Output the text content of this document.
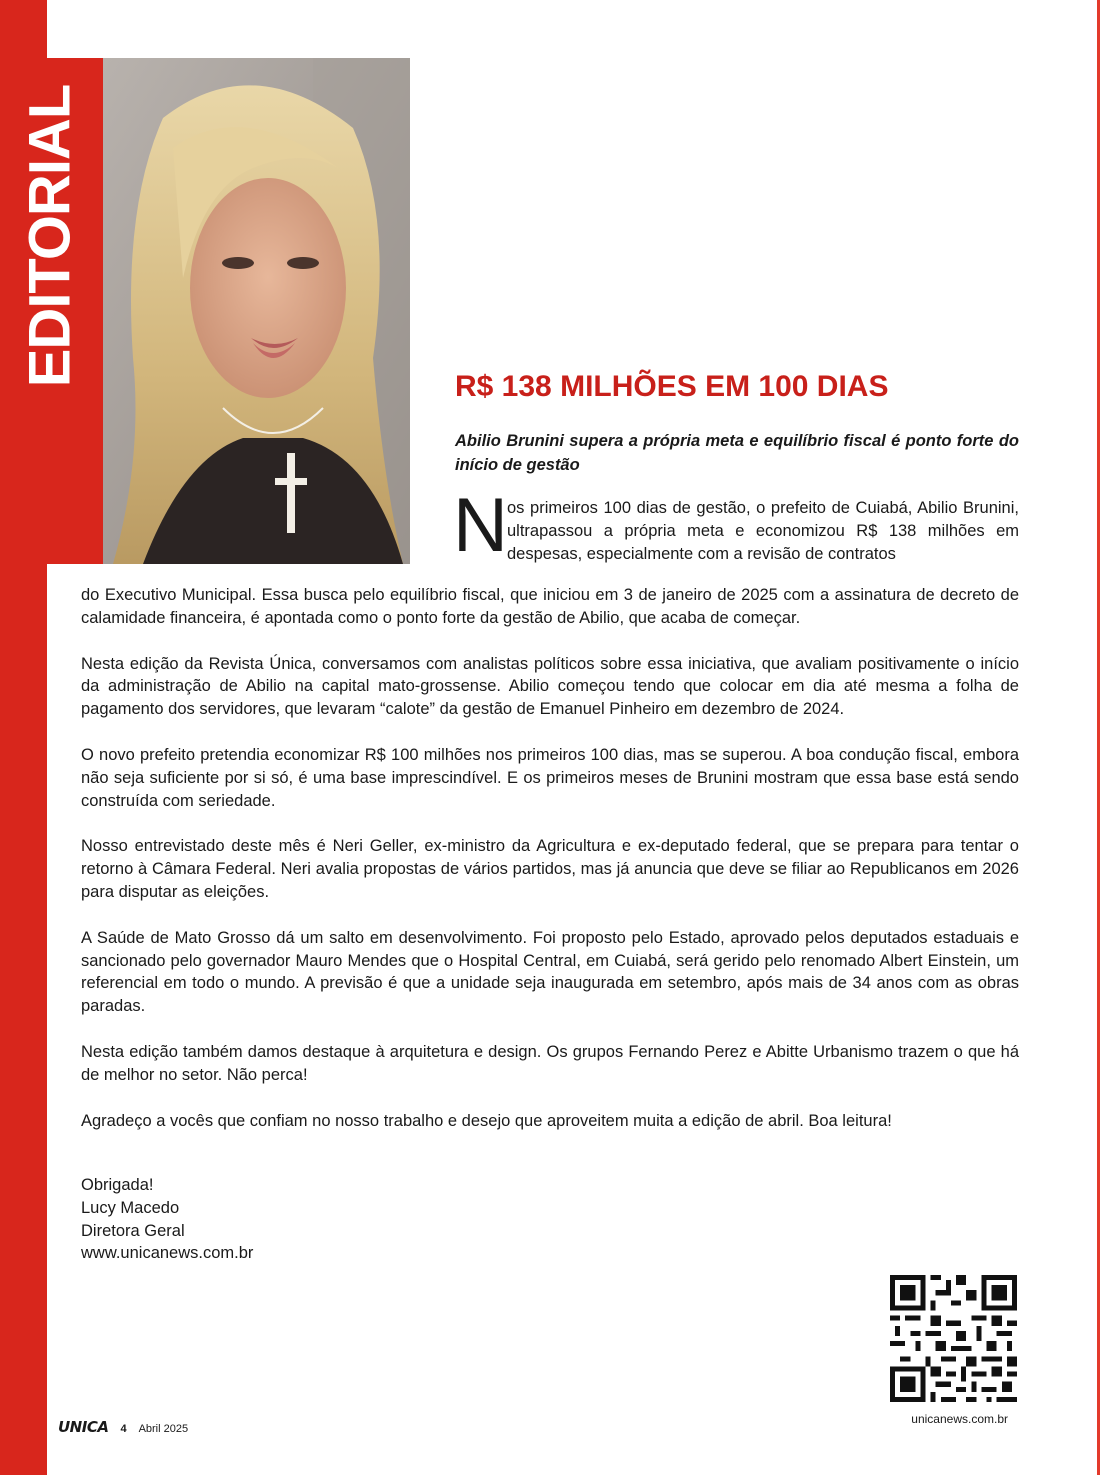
EDITORIAL	R$ 138 MILHÕES EM 100 DIAS

Abilio Brunini supera a própria meta e equilíbrio fiscal é ponto forte do início de gestão

N os primeiros 100 dias de gestão, o prefeito de Cuiabá, Abilio Brunini, ultrapassou a própria meta e economizou R$ 138 milhões em despesas, especialmente com a revisão de contratos

do Executivo Municipal. Essa busca pelo equilíbrio fiscal, que iniciou em 3 de janeiro de 2025 com a assinatura de decreto de calamidade financeira, é apontada como o ponto forte da gestão de Abilio, que acaba de começar.

Nesta edição da Revista Única, conversamos com analistas políticos sobre essa iniciativa, que avaliam positivamente o início da administração de Abilio na capital mato-grossense. Abilio começou tendo que colocar em dia até mesma a folha de pagamento dos servidores, que levaram “calote” da gestão de Emanuel Pinheiro em dezembro de 2024.

O novo prefeito pretendia economizar R$ 100 milhões nos primeiros 100 dias, mas se superou. A boa condução fiscal, embora não seja suficiente por si só, é uma base imprescindível. E os primeiros meses de Brunini mostram que essa base está sendo construída com seriedade.

Nosso entrevistado deste mês é Neri Geller, ex-ministro da Agricultura e ex-deputado federal, que se prepara para tentar o retorno à Câmara Federal. Neri avalia propostas de vários partidos, mas já anuncia que deve se filiar ao Republicanos em 2026 para disputar as eleições.

A Saúde de Mato Grosso dá um salto em desenvolvimento. Foi proposto pelo Estado, aprovado pelos deputados estaduais e sancionado pelo governador Mauro Mendes que o Hospital Central, em Cuiabá, será gerido pelo renomado Albert Einstein, um referencial em todo o mundo. A previsão é que a unidade seja inaugurada em setembro, após mais de 34 anos com as obras paradas.

Nesta edição também damos destaque à arquitetura e design. Os grupos Fernando Perez e Abitte Urbanismo trazem o que há de melhor no setor. Não perca!

Agradeço a vocês que confiam no nosso trabalho e desejo que aproveitem muita a edição de abril. Boa leitura!

Obrigada!
Lucy Macedo
Diretora Geral
www.unicanews.com.br
unicanews.com.br
UNICA 4 Abril 2025
